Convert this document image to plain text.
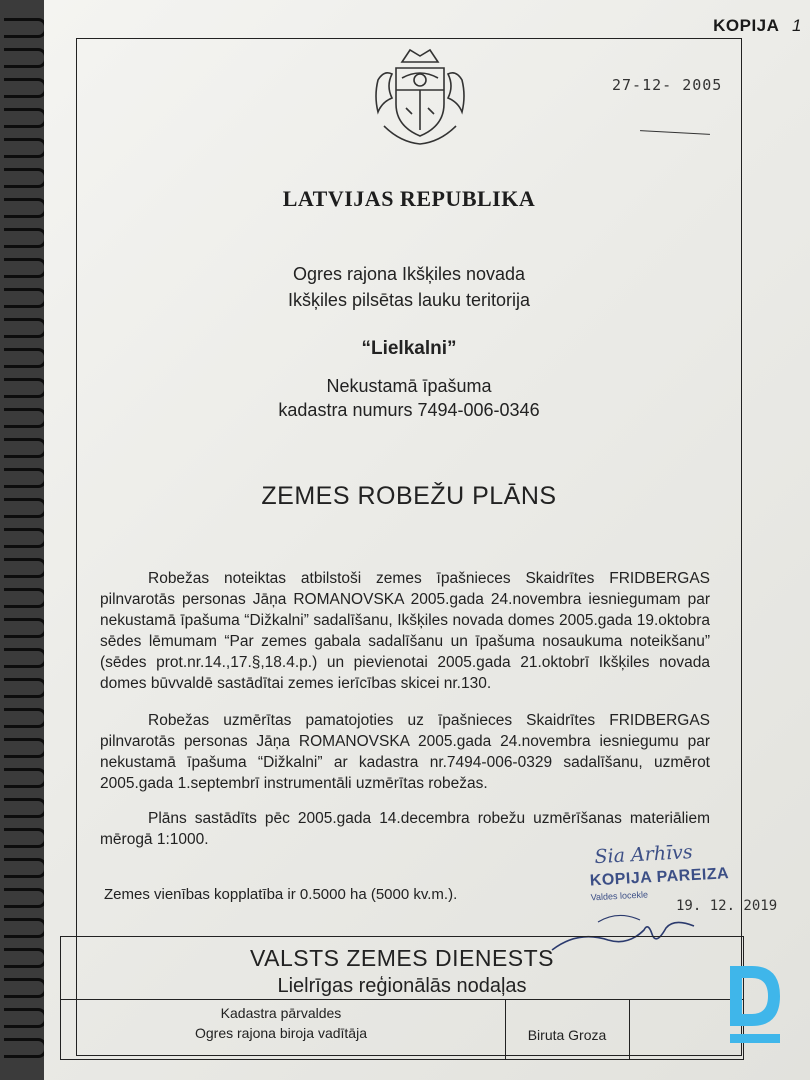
KOPIJA 1
27-12- 2005
LATVIJAS REPUBLIKA
Ogres rajona Ikšķiles novada
Ikšķiles pilsētas lauku teritorija
“Lielkalni”
Nekustamā īpašuma
kadastra numurs 7494-006-0346
ZEMES ROBEŽU PLĀNS
Robežas noteiktas atbilstoši zemes īpašnieces Skaidrītes FRIDBERGAS pilnvarotās personas Jāņa ROMANOVSKA 2005.gada 24.novembra iesniegumam par nekustamā īpašuma “Dižkalni” sadalīšanu, Ikšķiles novada domes 2005.gada 19.oktobra sēdes lēmumam “Par zemes gabala sadalīšanu un īpašuma nosaukuma noteikšanu” (sēdes prot.nr.14.,17.§,18.4.p.) un pievienotai 2005.gada 21.oktobrī Ikšķiles novada domes būvvaldē sastādītai zemes ierīcības skicei nr.130.
Robežas uzmērītas pamatojoties uz īpašnieces Skaidrītes FRIDBERGAS pilnvarotās personas Jāņa ROMANOVSKA 2005.gada 24.novembra iesniegumu par nekustamā īpašuma “Dižkalni” ar kadastra nr.7494-006-0329 sadalīšanu, uzmērot 2005.gada 1.septembrī instrumentāli uzmērītas robežas.
Plāns sastādīts pēc 2005.gada 14.decembra robežu uzmērīšanas materiāliem mērogā 1:1000.
Zemes vienības kopplatība ir 0.5000 ha (5000 kv.m.).
Sia Arhīvs
KOPIJA PAREIZA
Valdes locekle
19. 12. 2019
VALSTS ZEMES DIENESTS
Lielrīgas reģionālās nodaļas
Kadastra pārvaldes
Ogres rajona biroja vadītāja	Biruta Groza
